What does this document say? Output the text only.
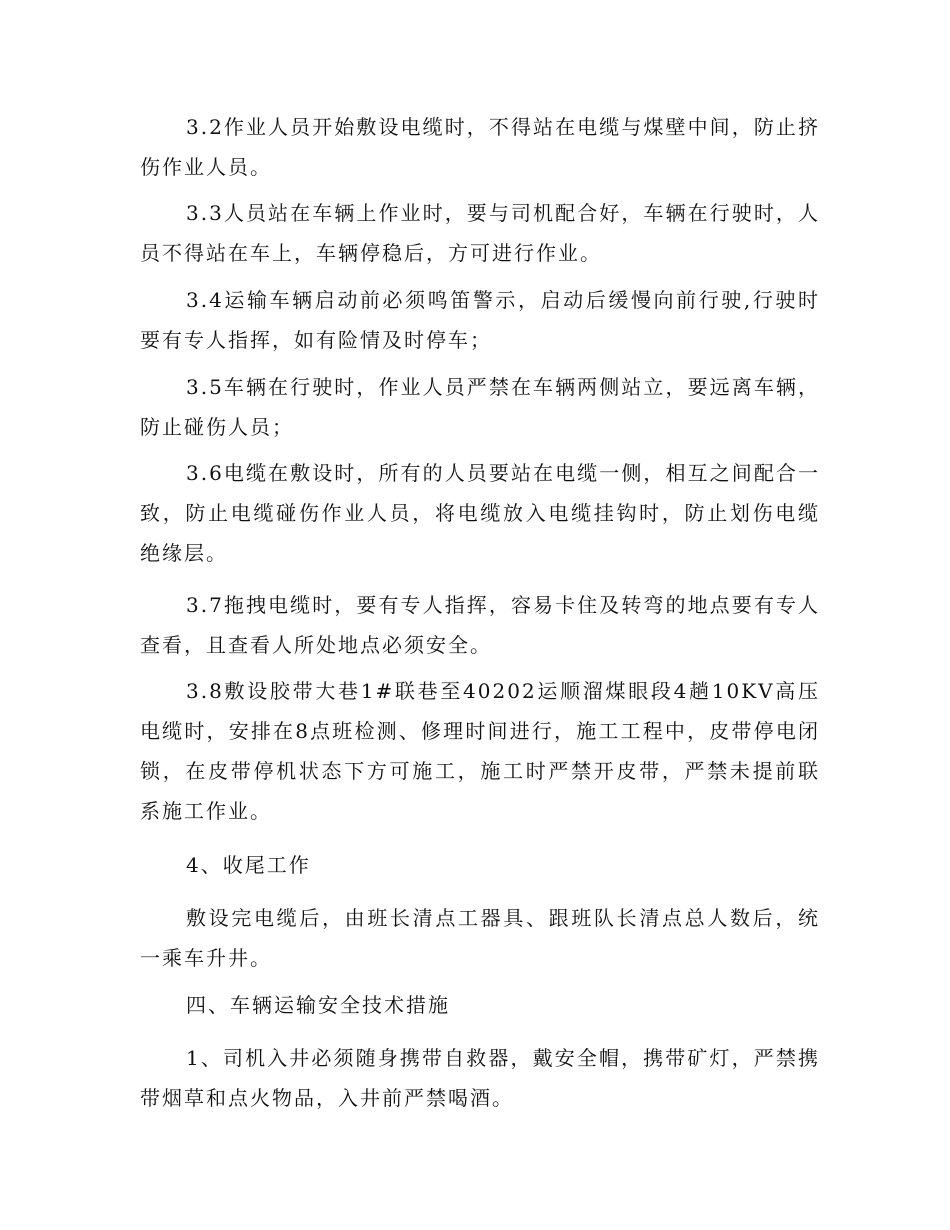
3.2作业人员开始敷设电缆时，不得站在电缆与煤壁中间，防止挤伤作业人员。

3.3人员站在车辆上作业时，要与司机配合好，车辆在行驶时，人员不得站在车上，车辆停稳后，方可进行作业。

3.4运输车辆启动前必须鸣笛警示，启动后缓慢向前行驶,行驶时要有专人指挥，如有险情及时停车；

3.5车辆在行驶时，作业人员严禁在车辆两侧站立，要远离车辆，防止碰伤人员；

3.6电缆在敷设时，所有的人员要站在电缆一侧，相互之间配合一致，防止电缆碰伤作业人员，将电缆放入电缆挂钩时，防止划伤电缆绝缘层。

3.7拖拽电缆时，要有专人指挥，容易卡住及转弯的地点要有专人查看，且查看人所处地点必须安全。

3.8敷设胶带大巷1#联巷至40202运顺溜煤眼段4趟10KV高压电缆时，安排在8点班检测、修理时间进行，施工工程中，皮带停电闭锁，在皮带停机状态下方可施工，施工时严禁开皮带，严禁未提前联系施工作业。

4、收尾工作

敷设完电缆后，由班长清点工器具、跟班队长清点总人数后，统一乘车升井。

四、车辆运输安全技术措施

1、司机入井必须随身携带自救器，戴安全帽，携带矿灯，严禁携带烟草和点火物品，入井前严禁喝酒。
